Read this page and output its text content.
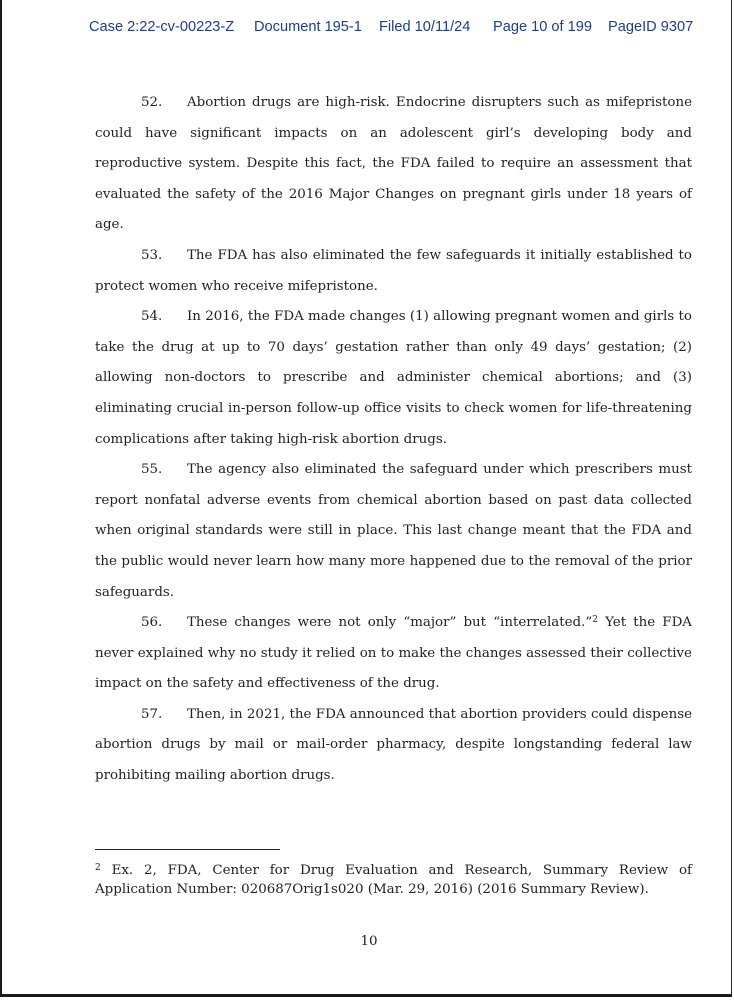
Case 2:22-cv-00223-Z Document 195-1 Filed 10/11/24 Page 10 of 199 PageID 9307

52. Abortion drugs are high-risk. Endocrine disrupters such as mifepristone could have significant impacts on an adolescent girl’s developing body and reproductive system. Despite this fact, the FDA failed to require an assessment that evaluated the safety of the 2016 Major Changes on pregnant girls under 18 years of age.

53. The FDA has also eliminated the few safeguards it initially established to protect women who receive mifepristone.

54. In 2016, the FDA made changes (1) allowing pregnant women and girls to take the drug at up to 70 days’ gestation rather than only 49 days’ gestation; (2) allowing non-doctors to prescribe and administer chemical abortions; and (3) eliminating crucial in-person follow-up office visits to check women for life-threatening complications after taking high-risk abortion drugs.

55. The agency also eliminated the safeguard under which prescribers must report nonfatal adverse events from chemical abortion based on past data collected when original standards were still in place. This last change meant that the FDA and the public would never learn how many more happened due to the removal of the prior safeguards.

56. These changes were not only “major” but “interrelated.”$^2$ Yet the FDA never explained why no study it relied on to make the changes assessed their collective impact on the safety and effectiveness of the drug.

57. Then, in 2021, the FDA announced that abortion providers could dispense abortion drugs by mail or mail-order pharmacy, despite longstanding federal law prohibiting mailing abortion drugs.

$^2$ Ex. 2, FDA, Center for Drug Evaluation and Research, Summary Review of Application Number: 020687Orig1s020 (Mar. 29, 2016) (2016 Summary Review).
10
